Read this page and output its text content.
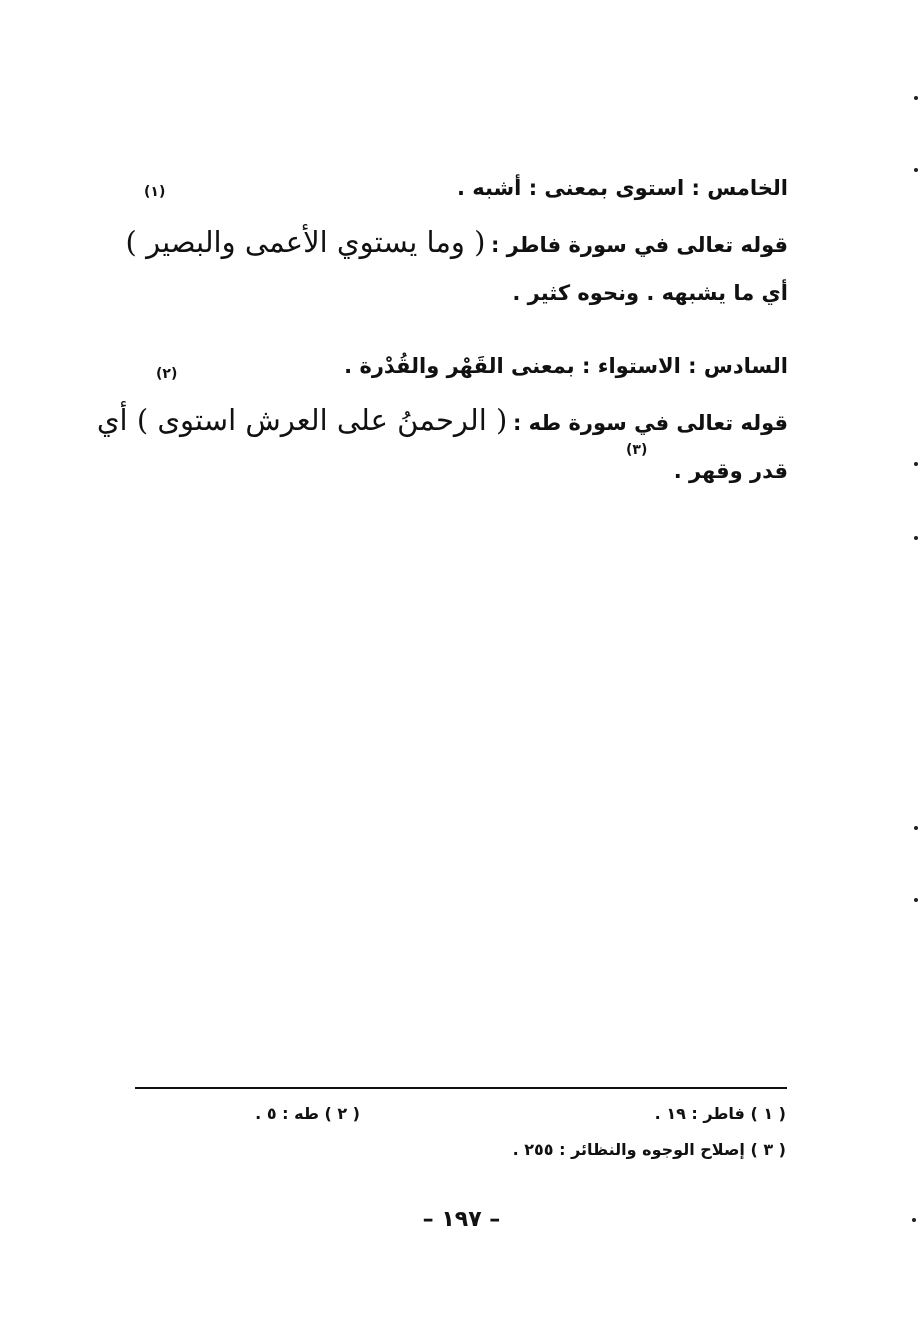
الخامس : استوى بمعنى : أشبه .
(١)
قوله تعالى في سورة فاطر : ( وما يستوي الأعمى والبصير )
أي ما يشبهه . ونحوه كثير .
السادس : الاستواء : بمعنى القَهْر والقُدْرة .
(٢)
قوله تعالى في سورة طه : ( الرحمنُ على العرش استوى ) أي
(٣)
قدر وقهر .
( ١ ) فاطر : ١٩ .
( ٢ ) طه : ٥ .
( ٣ ) إصلاح الوجوه والنظائر : ٢٥٥ .
– ١٩٧ –
